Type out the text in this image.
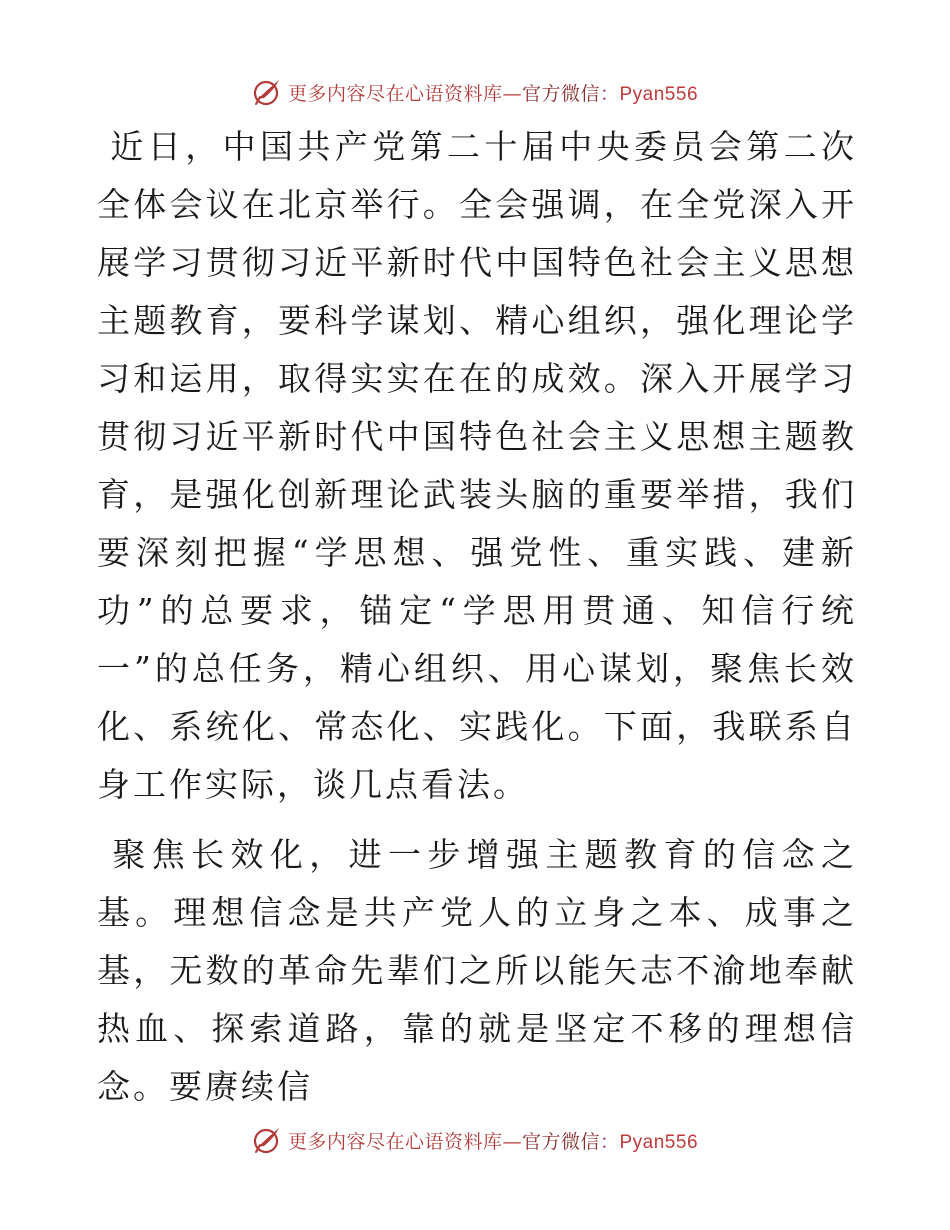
更多内容尽在心语资料库—官方微信：Pyan556

近日，中国共产党第二十届中央委员会第二次全体会议在北京举行。全会强调，在全党深入开展学习贯彻习近平新时代中国特色社会主义思想主题教育，要科学谋划、精心组织，强化理论学习和运用，取得实实在在的成效。深入开展学习贯彻习近平新时代中国特色社会主义思想主题教育，是强化创新理论武装头脑的重要举措，我们要深刻把握“学思想、强党性、重实践、建新功”的总要求，锚定“学思用贯通、知信行统一”的总任务，精心组织、用心谋划，聚焦长效化、系统化、常态化、实践化。下面，我联系自身工作实际，谈几点看法。

聚焦长效化，进一步增强主题教育的信念之基。理想信念是共产党人的立身之本、成事之基，无数的革命先辈们之所以能矢志不渝地奉献热血、探索道路，靠的就是坚定不移的理想信念。要赓续信

更多内容尽在心语资料库—官方微信：Pyan556
